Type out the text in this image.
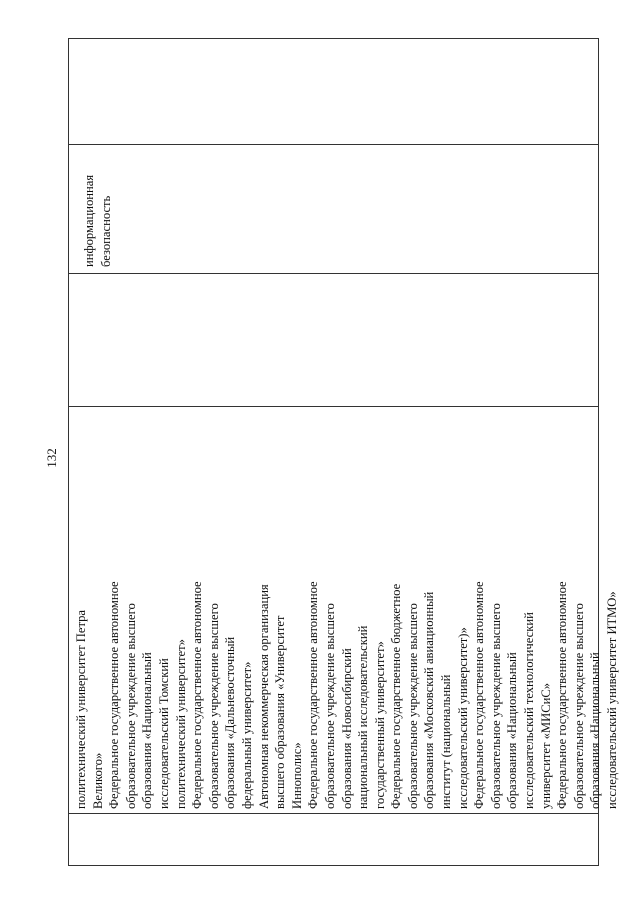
132
политехнический университет Петра Великого» Федеральное государственное автономное образовательное учреждение высшего образования «Национальный исследовательский Томский политехнический университет» Федеральное государственное автономное образовательное учреждение высшего образования «Дальневосточный федеральный университет» Автономная некоммерческая организация высшего образования «Университет Иннополис» Федеральное государственное автономное образовательное учреждение высшего образования «Новосибирский национальный исследовательский государственный университет» Федеральное государственное бюджетное образовательное учреждение высшего образования «Московский авиационный институт (национальный исследовательский университет)» Федеральное государственное автономное образовательное учреждение высшего образования «Национальный исследовательский технологический университет «МИСиС» Федеральное государственное автономное образовательное учреждение высшего образования «Национальный исследовательский университет ИТМО»
информационная безопасность
